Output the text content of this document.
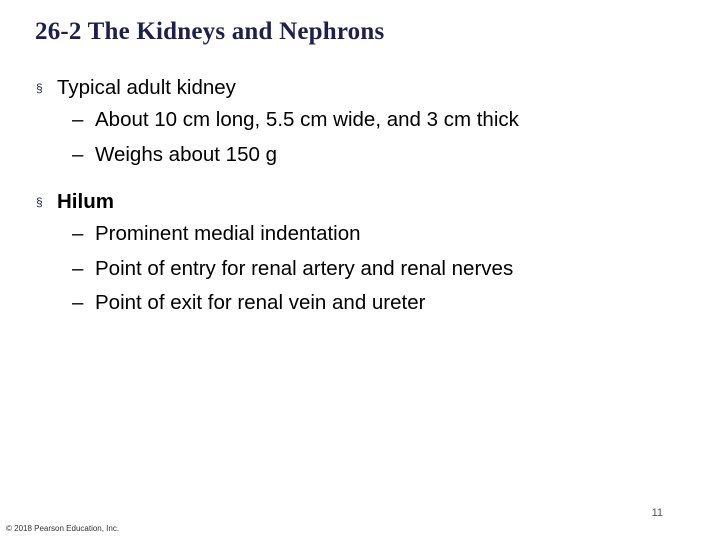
26-2 The Kidneys and Nephrons
§ Typical adult kidney
– About 10 cm long, 5.5 cm wide, and 3 cm thick
– Weighs about 150 g
§ Hilum
– Prominent medial indentation
– Point of entry for renal artery and renal nerves
– Point of exit for renal vein and ureter
11
© 2018 Pearson Education, Inc.
